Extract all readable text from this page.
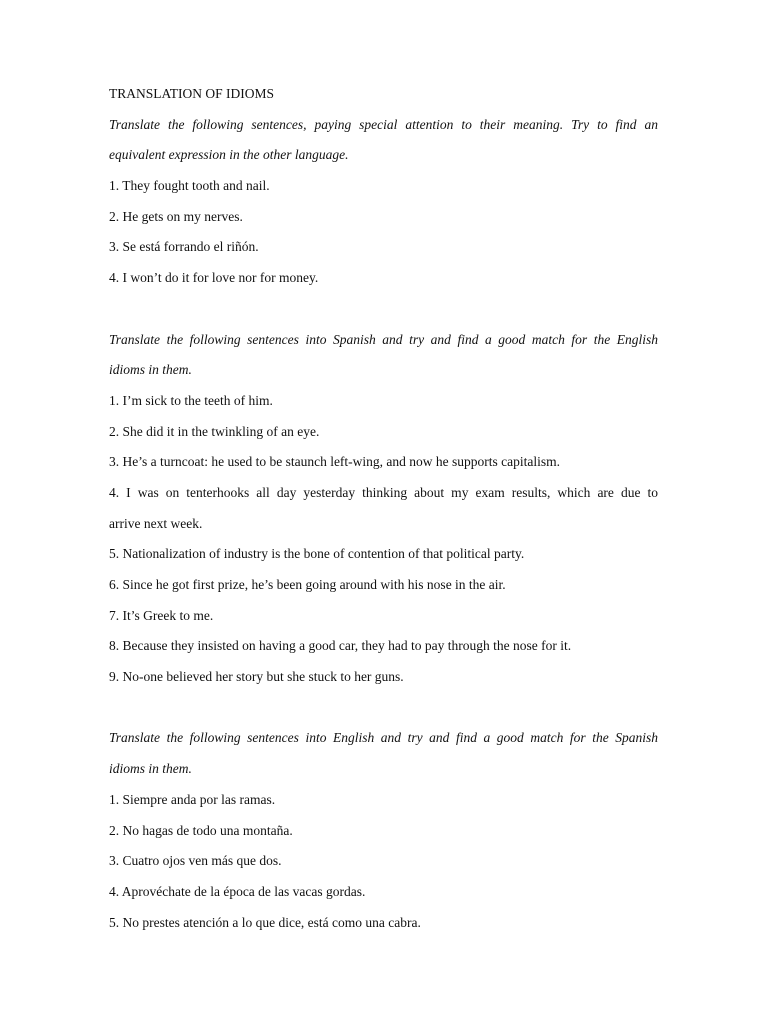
TRANSLATION OF IDIOMS
Translate the following sentences, paying special attention to their meaning. Try to find an
equivalent expression in the other language.
1. They fought tooth and nail.
2. He gets on my nerves.
3. Se está forrando el riñón.
4. I won’t do it for love nor for money.
Translate the following sentences into Spanish and try and find a good match for the English
idioms in them.
1. I’m sick to the teeth of him.
2. She did it in the twinkling of an eye.
3. He’s a turncoat: he used to be staunch left-wing, and now he supports capitalism.
4. I was on tenterhooks all day yesterday thinking about my exam results, which are due to
arrive next week.
5. Nationalization of industry is the bone of contention of that political party.
6. Since he got first prize, he’s been going around with his nose in the air.
7. It’s Greek to me.
8. Because they insisted on having a good car, they had to pay through the nose for it.
9. No-one believed her story but she stuck to her guns.
Translate the following sentences into English and try and find a good match for the Spanish
idioms in them.
1. Siempre anda por las ramas.
2. No hagas de todo una montaña.
3. Cuatro ojos ven más que dos.
4. Aprovéchate de la época de las vacas gordas.
5. No prestes atención a lo que dice, está como una cabra.
